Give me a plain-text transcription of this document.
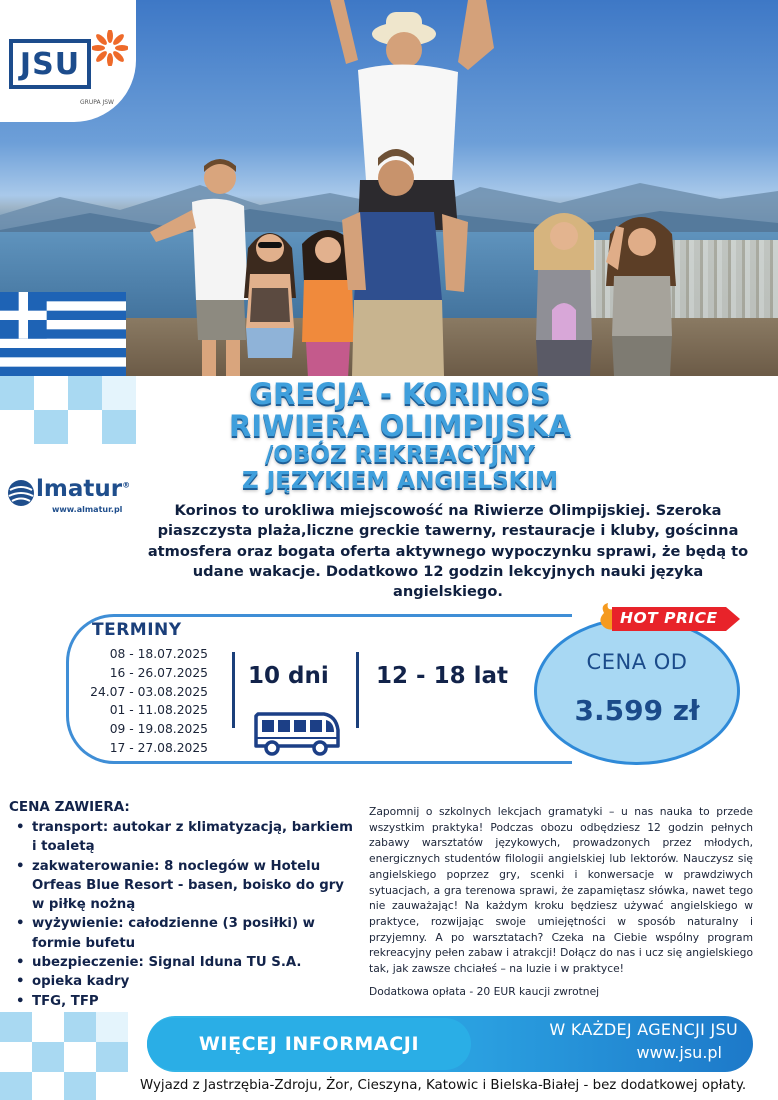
JSU
GRUPA JSW
GRECJA - KORINOS
RIWIERA OLIMPIJSKA
/OBÓZ REKREACYJNY
Z JĘZYKIEM ANGIELSKIM
lmatur®
www.almatur.pl	Korinos to urokliwa miejscowość na Riwierze Olimpijskiej. Szeroka piaszczysta plaża,liczne greckie tawerny, restauracje i kluby, gościnna atmosfera oraz bogata oferta aktywnego wypoczynku sprawi, że będą to udane wakacje. Dodatkowo 12 godzin lekcyjnych nauki języka angielskiego.

TERMINY
08 - 18.07.2025
16 - 26.07.2025
24.07 - 03.08.2025
01 - 11.08.2025
09 - 19.08.2025
17 - 27.08.2025
10 dni 12 - 18 lat
CENA OD
3.599 zł
HOT PRICE
CENA ZAWIERA:
• transport: autokar z klimatyzacją, barkiem i toaletą
• zakwaterowanie: 8 noclegów w Hotelu Orfeas Blue Resort - basen, boisko do gry w piłkę nożną
• wyżywienie: całodzienne (3 posiłki) w formie bufetu
• ubezpieczenie: Signal Iduna TU S.A.
• opieka kadry
• TFG, TFP

Zapomnij o szkolnych lekcjach gramatyki – u nas nauka to przede wszystkim praktyka! Podczas obozu odbędziesz 12 godzin pełnych zabawy warsztatów językowych, prowadzonych przez młodych, energicznych studentów filologii angielskiej lub lektorów. Nauczysz się angielskiego poprzez gry, scenki i konwersacje w prawdziwych sytuacjach, a gra terenowa sprawi, że zapamiętasz słówka, nawet tego nie zauważając! Na każdym kroku będziesz używać angielskiego w praktyce, rozwijając swoje umiejętności w sposób naturalny i przyjemny. A po warsztatach? Czeka na Ciebie wspólny program rekreacyjny pełen zabaw i atrakcji! Dołącz do nas i ucz się angielskiego tak, jak zawsze chciałeś – na luzie i w praktyce!

Dodatkowa opłata - 20 EUR kaucji zwrotnej

WIĘCEJ INFORMACJI
W KAŻDEJ AGENCJI JSU
www.jsu.pl
Wyjazd z Jastrzębia-Zdroju, Żor, Cieszyna, Katowic i Bielska-Białej - bez dodatkowej opłaty.
